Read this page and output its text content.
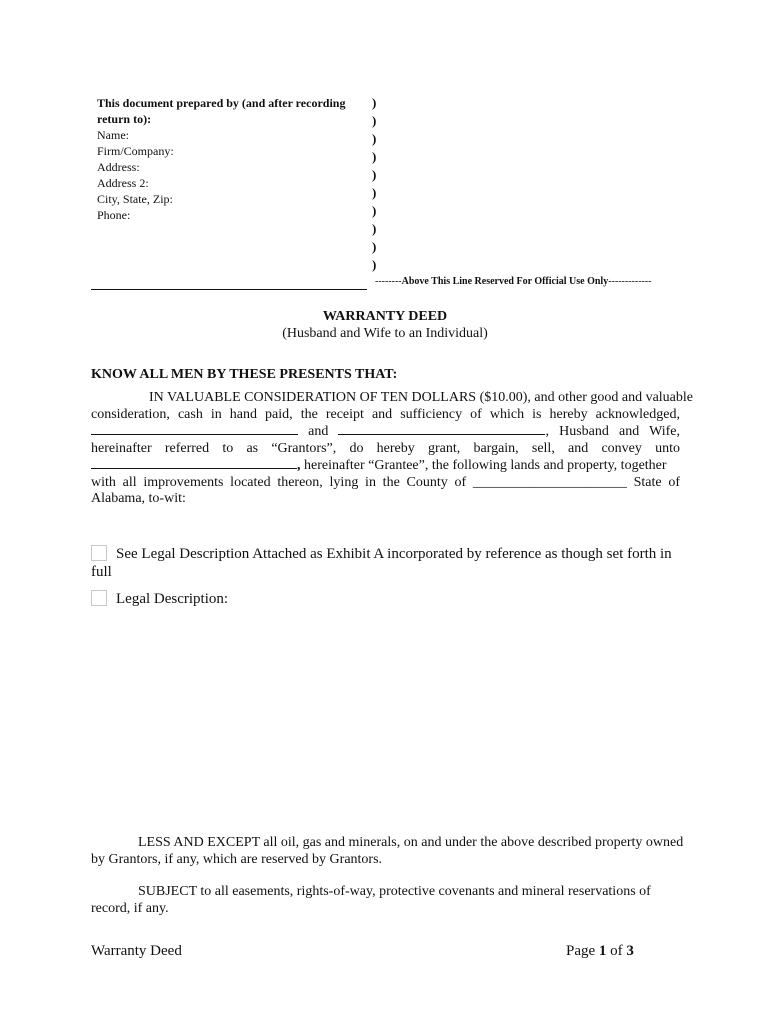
This document prepared by (and after recording
return to):
Name:
Firm/Company:
Address:
Address 2:
City, State, Zip:
Phone:
)
)
)
)
)
)
)
)
)
)
--------Above This Line Reserved For Official Use Only-------------
WARRANTY DEED
(Husband and Wife to an Individual)
KNOW ALL MEN BY THESE PRESENTS THAT:
IN VALUABLE CONSIDERATION OF TEN DOLLARS ($10.00), and other good and valuable
consideration, cash in hand paid, the receipt and sufficiency of which is hereby acknowledged,
and	, Husband and Wife,
hereinafter referred to as “Grantors”, do hereby grant, bargain, sell, and convey unto
, hereinafter “Grantee”, the following lands and property, together
with all improvements located thereon, lying in the County of ______________________ State of
Alabama, to-wit:
See Legal Description Attached as Exhibit A incorporated by reference as though set forth in
full
Legal Description:
LESS AND EXCEPT all oil, gas and minerals, on and under the above described property owned
by Grantors, if any, which are reserved by Grantors.
SUBJECT to all easements, rights-of-way, protective covenants and mineral reservations of
record, if any.
Warranty Deed	Page 1 of 3
